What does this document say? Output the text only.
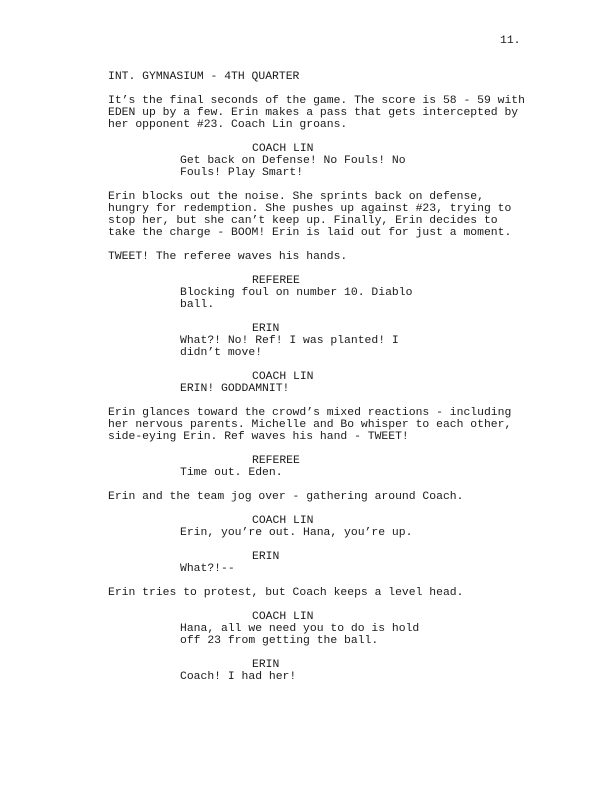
11.
INT. GYMNASIUM - 4TH QUARTER
It’s the final seconds of the game. The score is 58 - 59 with
EDEN up by a few. Erin makes a pass that gets intercepted by
her opponent #23. Coach Lin groans.
COACH LIN
Get back on Defense! No Fouls! No
Fouls! Play Smart!
Erin blocks out the noise. She sprints back on defense,
hungry for redemption. She pushes up against #23, trying to
stop her, but she can’t keep up. Finally, Erin decides to
take the charge - BOOM! Erin is laid out for just a moment.
TWEET! The referee waves his hands.
REFEREE
Blocking foul on number 10. Diablo
ball.
ERIN
What?! No! Ref! I was planted! I
didn’t move!
COACH LIN
ERIN! GODDAMNIT!
Erin glances toward the crowd’s mixed reactions - including
her nervous parents. Michelle and Bo whisper to each other,
side-eying Erin. Ref waves his hand - TWEET!
REFEREE
Time out. Eden.
Erin and the team jog over - gathering around Coach.
COACH LIN
Erin, you’re out. Hana, you’re up.
ERIN
What?!--
Erin tries to protest, but Coach keeps a level head.
COACH LIN
Hana, all we need you to do is hold
off 23 from getting the ball.
ERIN
Coach! I had her!
